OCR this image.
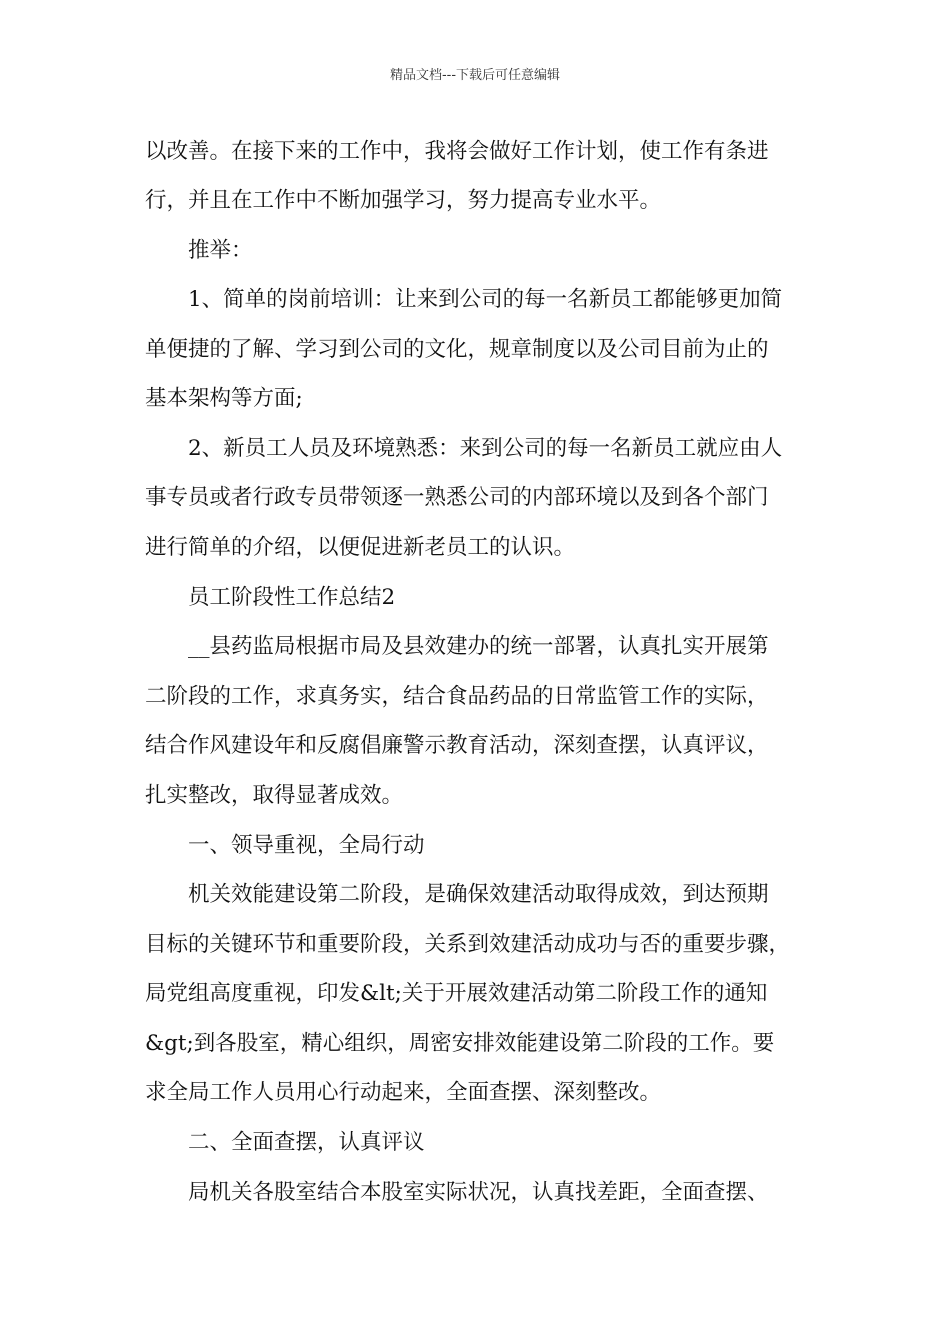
精品文档---下载后可任意编辑
以改善。在接下来的工作中，我将会做好工作计划，使工作有条进
行，并且在工作中不断加强学习，努力提高专业水平。
推举：
1、简单的岗前培训：让来到公司的每一名新员工都能够更加简
单便捷的了解、学习到公司的文化，规章制度以及公司目前为止的
基本架构等方面;
2、新员工人员及环境熟悉：来到公司的每一名新员工就应由人
事专员或者行政专员带领逐一熟悉公司的内部环境以及到各个部门
进行简单的介绍，以便促进新老员工的认识。
员工阶段性工作总结2
__县药监局根据市局及县效建办的统一部署，认真扎实开展第
二阶段的工作，求真务实，结合食品药品的日常监管工作的实际，
结合作风建设年和反腐倡廉警示教育活动，深刻查摆，认真评议，
扎实整改，取得显著成效。
一、领导重视，全局行动
机关效能建设第二阶段，是确保效建活动取得成效，到达预期
目标的关键环节和重要阶段，关系到效建活动成功与否的重要步骤，
局党组高度重视，印发&lt;关于开展效建活动第二阶段工作的通知
&gt;到各股室，精心组织，周密安排效能建设第二阶段的工作。要
求全局工作人员用心行动起来，全面查摆、深刻整改。
二、全面查摆，认真评议
局机关各股室结合本股室实际状况，认真找差距，全面查摆、
